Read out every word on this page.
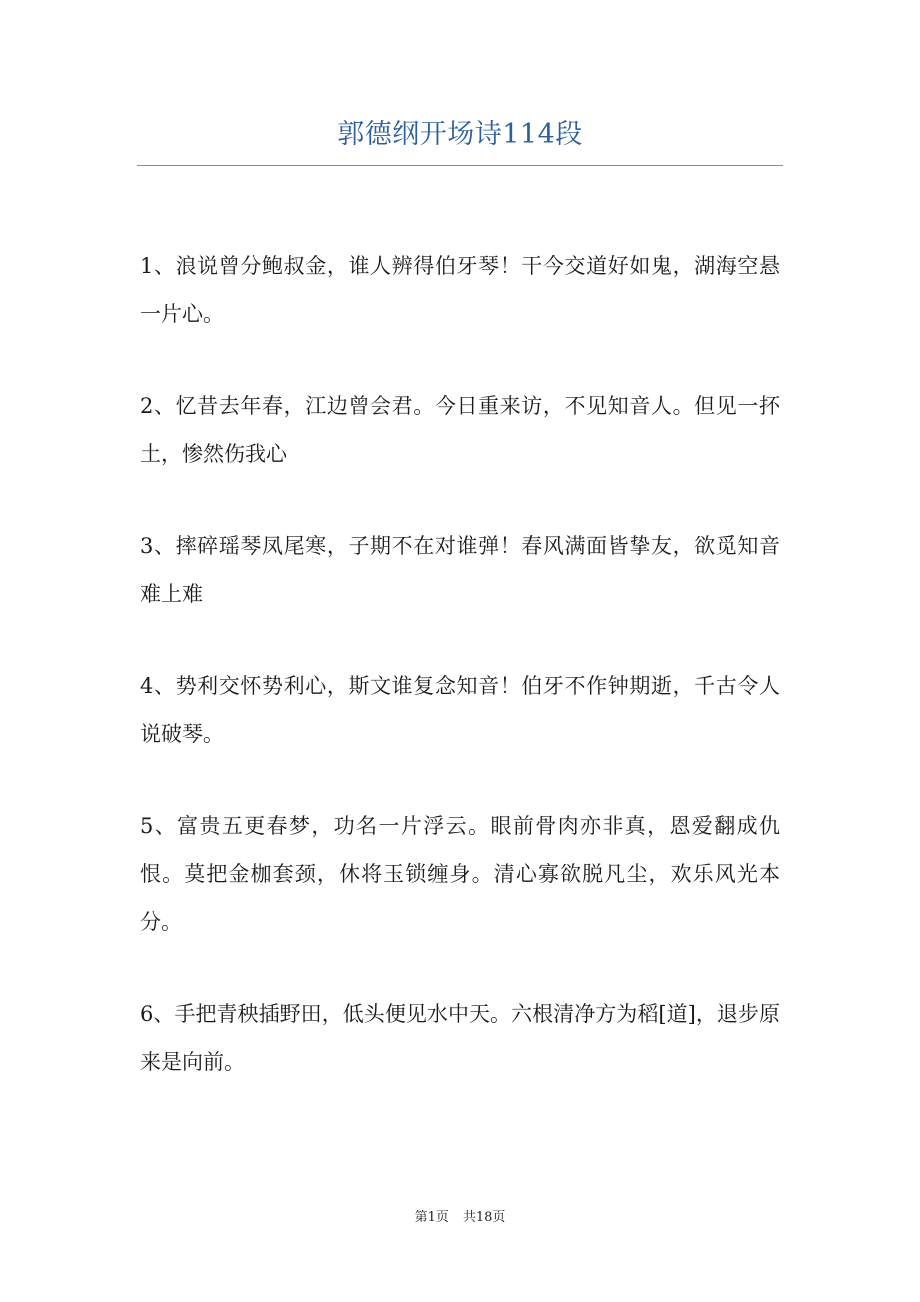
郭德纲开场诗114段
1、浪说曾分鲍叔金，谁人辨得伯牙琴！干今交道好如鬼，湖海空悬一片心。
2、忆昔去年春，江边曾会君。今日重来访，不见知音人。但见一抔土，惨然伤我心
3、摔碎瑶琴凤尾寒，子期不在对谁弹！春风满面皆挚友，欲觅知音难上难
4、势利交怀势利心，斯文谁复念知音！伯牙不作钟期逝，千古令人说破琴。
5、富贵五更春梦，功名一片浮云。眼前骨肉亦非真，恩爱翻成仇恨。莫把金枷套颈，休将玉锁缠身。清心寡欲脱凡尘，欢乐风光本分。
6、手把青秧插野田，低头便见水中天。六根清净方为稻[道]，退步原来是向前。
第1页 共18页
